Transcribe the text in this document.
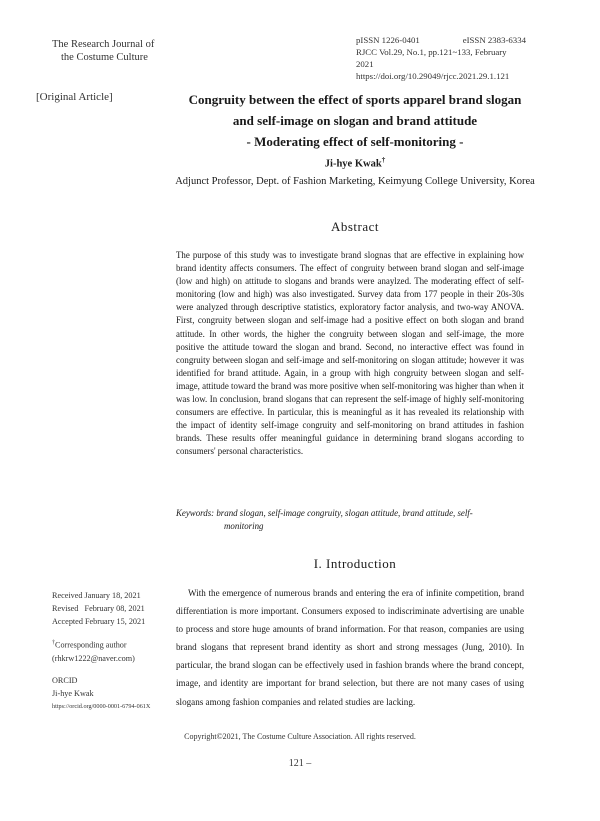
The Research Journal of
the Costume Culture
pISSN 1226-0401	eISSN 2383-6334
RJCC Vol.29, No.1, pp.121~133, February 2021
https://doi.org/10.29049/rjcc.2021.29.1.121
[Original Article]	Congruity between the effect of sports apparel brand slogan
and self-image on slogan and brand attitude
- Moderating effect of self-monitoring -
Ji-hye Kwak†
Adjunct Professor, Dept. of Fashion Marketing, Keimyung College University, Korea
Abstract
The purpose of this study was to investigate brand slognas that are effective in explaining how brand identity affects consumers. The effect of congruity between brand slogan and self-image (low and high) on attitude to slogans and brands were anaylzed. The moderating effect of self-monitoring (low and high) was also investigated. Survey data from 177 people in their 20s-30s were analyzed through descriptive statistics, exploratory factor analysis, and two-way ANOVA. First, congruity between slogan and self-image had a positive effect on both slogan and brand attitude. In other words, the higher the congruity between slogan and self-image, the more positive the attitude toward the slogan and brand. Second, no interactive effect was found in congruity between slogan and self-image and self-monitoring on slogan attitude; however it was identified for brand attitude. Again, in a group with high congruity between slogan and self-image, attitude toward the brand was more positive when self-monitoring was higher than when it was low. In conclusion, brand slogans that can represent the self-image of highly self-monitoring consumers are effective. In particular, this is meaningful as it has revealed its relationship with the impact of identity self-image congruity and self-monitoring on brand attitudes in fashion brands. These results offer meaningful guidance in determining brand slogans according to consumers' personal characteristics.
Keywords: brand slogan, self-image congruity, slogan attitude, brand attitude, self-
monitoring
I. Introduction
With the emergence of numerous brands and entering the era of infinite competition, brand differentiation is more important. Consumers exposed to indiscriminate advertising are unable to process and store huge amounts of brand information. For that reason, companies are using brand slogans that represent brand identity as short and strong messages (Jung, 2010). In particular, the brand slogan can be effectively used in fashion brands where the brand concept, image, and identity are important for brand selection, but there are not many cases of using slogans among fashion companies and related studies are lacking.
Received January 18, 2021
Revised   February 08, 2021
Accepted February 15, 2021
†Corresponding author
(rhkrw1222@naver.com)
ORCID
Ji-hye Kwak
https://orcid.org/0000-0001-6794-061X
Copyright©2021, The Costume Culture Association. All rights reserved.
121 –
